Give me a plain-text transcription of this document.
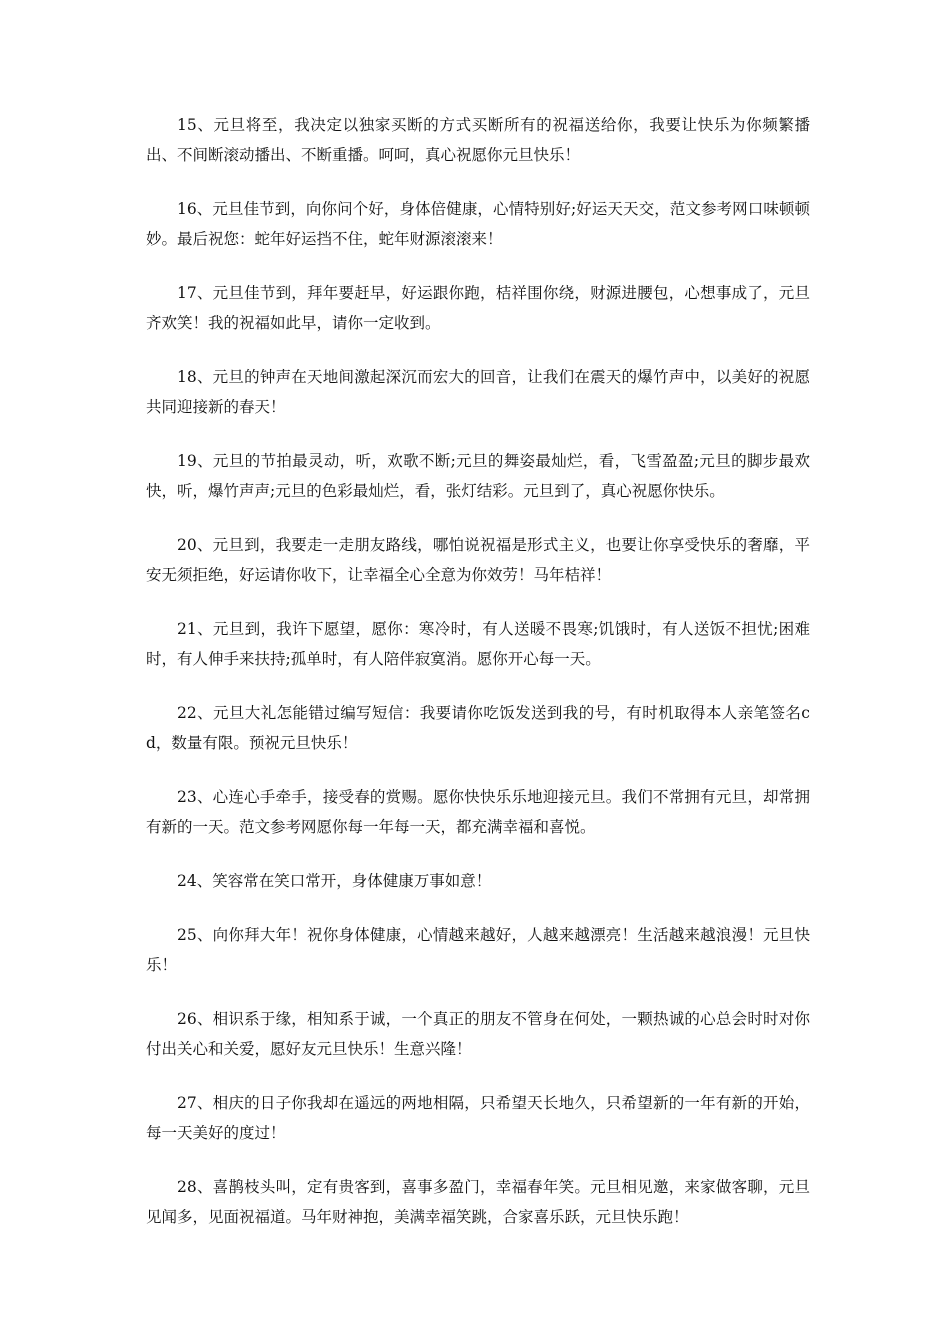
15、元旦将至，我决定以独家买断的方式买断所有的祝福送给你，我要让快乐为你频繁播出、不间断滚动播出、不断重播。呵呵，真心祝愿你元旦快乐！

16、元旦佳节到，向你问个好，身体倍健康，心情特别好;好运天天交，范文参考网口味顿顿妙。最后祝您：蛇年好运挡不住，蛇年财源滚滚来！

17、元旦佳节到，拜年要赶早，好运跟你跑，桔祥围你绕，财源进腰包，心想事成了，元旦齐欢笑！我的祝福如此早，请你一定收到。

18、元旦的钟声在天地间激起深沉而宏大的回音，让我们在震天的爆竹声中，以美好的祝愿共同迎接新的春天！

19、元旦的节拍最灵动，听，欢歌不断;元旦的舞姿最灿烂，看，飞雪盈盈;元旦的脚步最欢快，听，爆竹声声;元旦的色彩最灿烂，看，张灯结彩。元旦到了，真心祝愿你快乐。

20、元旦到，我要走一走朋友路线，哪怕说祝福是形式主义，也要让你享受快乐的奢靡，平安无须拒绝，好运请你收下，让幸福全心全意为你效劳！马年桔祥！

21、元旦到，我许下愿望，愿你：寒冷时，有人送暖不畏寒;饥饿时，有人送饭不担忧;困难时，有人伸手来扶持;孤单时，有人陪伴寂寞消。愿你开心每一天。

22、元旦大礼怎能错过编写短信：我要请你吃饭发送到我的号，有时机取得本人亲笔签名cd，数量有限。预祝元旦快乐！

23、心连心手牵手，接受春的赏赐。愿你快快乐乐地迎接元旦。我们不常拥有元旦，却常拥有新的一天。范文参考网愿你每一年每一天，都充满幸福和喜悦。

24、笑容常在笑口常开，身体健康万事如意！

25、向你拜大年！祝你身体健康，心情越来越好，人越来越漂亮！生活越来越浪漫！元旦快乐！

26、相识系于缘，相知系于诚，一个真正的朋友不管身在何处，一颗热诚的心总会时时对你付出关心和关爱，愿好友元旦快乐！生意兴隆！

27、相庆的日子你我却在遥远的两地相隔，只希望天长地久，只希望新的一年有新的开始，每一天美好的度过！

28、喜鹊枝头叫，定有贵客到，喜事多盈门，幸福春年笑。元旦相见邀，来家做客聊，元旦见闻多，见面祝福道。马年财神抱，美满幸福笑跳，合家喜乐跃，元旦快乐跑！
